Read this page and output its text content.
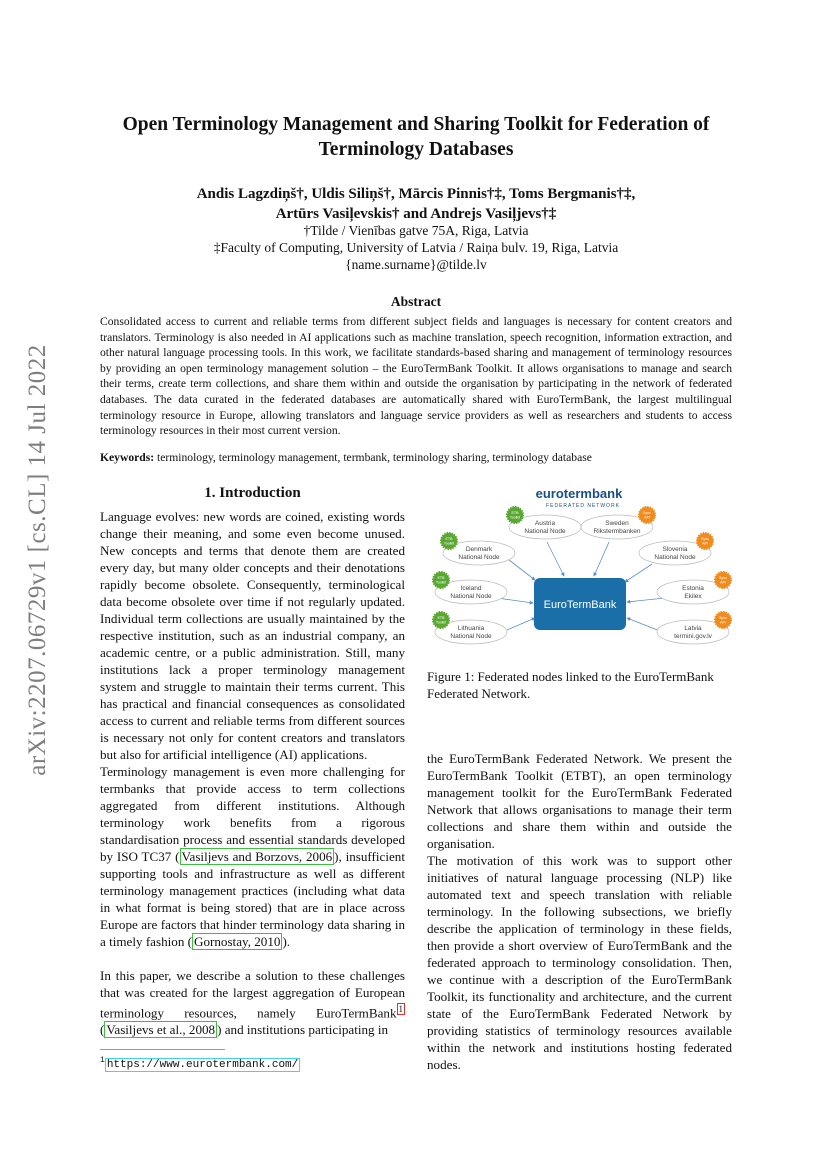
arXiv:2207.06729v1 [cs.CL] 14 Jul 2022
Open Terminology Management and Sharing Toolkit for Federation of
Terminology Databases
Andis Lagzdiņš†, Uldis Siliņš†, Mārcis Pinnis†‡, Toms Bergmanis†‡,
Artūrs Vasiļevskis† and Andrejs Vasiļjevs†‡
†Tilde / Vienības gatve 75A, Riga, Latvia
‡Faculty of Computing, University of Latvia / Raiņa bulv. 19, Riga, Latvia
{name.surname}@tilde.lv
Abstract
Consolidated access to current and reliable terms from different subject fields and languages is necessary for content creators and translators. Terminology is also needed in AI applications such as machine translation, speech recognition, information extraction, and other natural language processing tools. In this work, we facilitate standards-based sharing and management of terminology resources by providing an open terminology management solution – the EuroTermBank Toolkit. It allows organisations to manage and search their terms, create term collections, and share them within and outside the organisation by participating in the network of federated databases. The data curated in the federated databases are automatically shared with EuroTermBank, the largest multilingual terminology resource in Europe, allowing translators and language service providers as well as researchers and students to access terminology resources in their most current version.
Keywords: terminology, terminology management, termbank, terminology sharing, terminology database
1. Introduction

Language evolves: new words are coined, existing words change their meaning, and some even become unused. New concepts and terms that denote them are created every day, but many older concepts and their denotations rapidly become obsolete. Consequently, terminological data become obsolete over time if not regularly updated. Individual term collections are usually maintained by the respective institution, such as an industrial company, an academic centre, or a public administration. Still, many institutions lack a proper terminology management system and struggle to maintain their terms current. This has practical and financial consequences as consolidated access to current and reliable terms from different sources is necessary not only for content creators and translators but also for artificial intelligence (AI) applications.

Terminology management is even more challenging for termbanks that provide access to term collections aggregated from different institutions. Although terminology work benefits from a rigorous standardisation process and essential standards developed by ISO TC37 ( Vasiljevs and Borzovs, 2006 ), insufficient supporting tools and infrastructure as well as different terminology management practices (including what data in what format is being stored) that are in place across Europe are factors that hinder terminology data sharing in a timely fashion ( Gornostay, 2010 ).

In this paper, we describe a solution to these challenges that was created for the largest aggregation of European terminology resources, namely EuroTermBank $^1$ ( Vasiljevs et al., 2008 ) and institutions participating in

the EuroTermBank Federated Network. We present the EuroTermBank Toolkit (ETBT), an open terminology management toolkit for the EuroTermBank Federated Network that allows organisations to manage their term collections and share them within and outside the organisation.

The motivation of this work was to support other initiatives of natural language processing (NLP) like automated text and speech translation with reliable terminology. In the following subsections, we briefly describe the application of terminology in these fields, then provide a short overview of EuroTermBank and the federated approach to terminology consolidation. Then, we continue with a description of the EuroTermBank Toolkit, its functionality and architecture, and the current state of the EuroTermBank Federated Network by providing statistics of terminology resources available within the network and institutions hosting federated nodes.

eurotermbank
FEDERATED NETWORK
EuroTermBank
Austria
National Node
ETB
Toolkit
Denmark
National Node
ETB
Toolkit
Iceland
National Node
ETB
Toolkit
Lithuania
National Node
ETB
Toolkit
Sweden
Rikstermbanken
Sync
API
Slovenia
National Node
Sync
API
Estonia
Ekilex
Sync
API
Latvia
termini.gov.lv
Sync
API
Figure 1: Federated nodes linked to the EuroTermBank Federated Network.
$^1$ https://www.eurotermbank.com/
